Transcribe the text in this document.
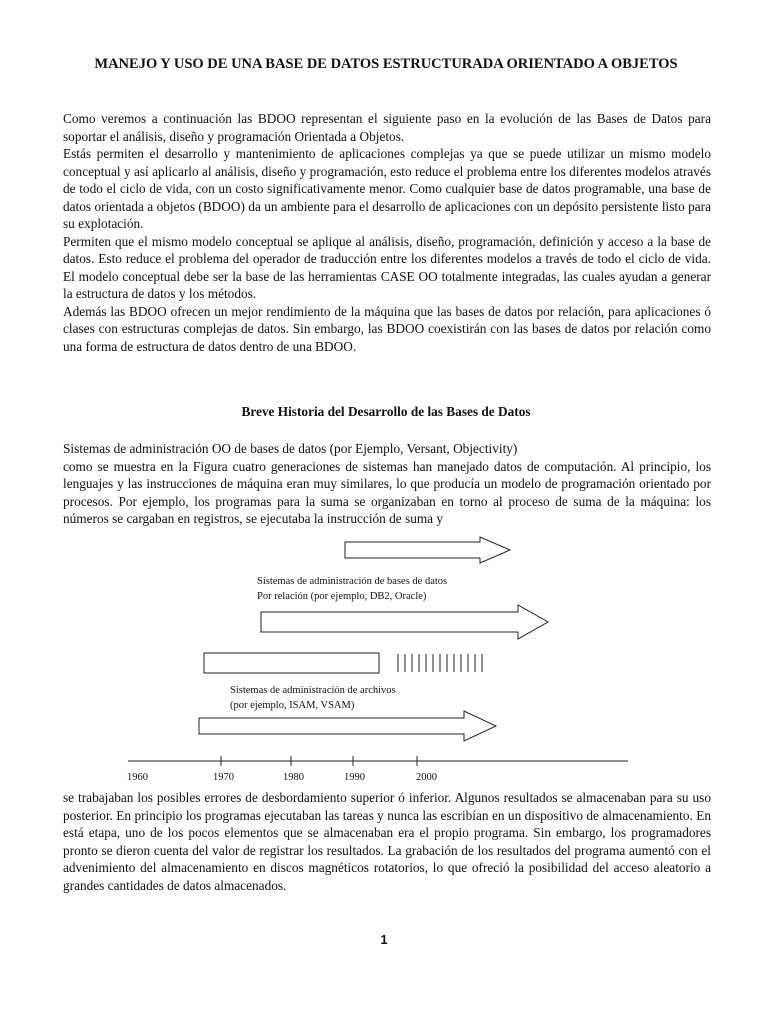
MANEJO Y USO DE UNA BASE DE DATOS ESTRUCTURADA ORIENTADO A OBJETOS

Como veremos a continuación las BDOO representan el siguiente paso en la evolución de las Bases de Datos para soportar el análisis, diseño y programación Orientada a Objetos.

Estás permiten el desarrollo y mantenimiento de aplicaciones complejas ya que se puede utilizar un mismo modelo conceptual y así aplicarlo al análisis, diseño y programación, esto reduce el problema entre los diferentes modelos através de todo el ciclo de vida, con un costo significativamente menor. Como cualquier base de datos programable, una base de datos orientada a objetos (BDOO) da un ambiente para el desarrollo de aplicaciones con un depósito persistente listo para su explotación.

Permiten que el mismo modelo conceptual se aplique al análisis, diseño, programación, definición y acceso a la base de datos. Esto reduce el problema del operador de traducción entre los diferentes modelos a través de todo el ciclo de vida. El modelo conceptual debe ser la base de las herramientas CASE OO totalmente integradas, las cuales ayudan a generar la estructura de datos y los métodos.

Además las BDOO ofrecen un mejor rendimiento de la máquina que las bases de datos por relación, para aplicaciones ó clases con estructuras complejas de datos. Sin embargo, las BDOO coexistirán con las bases de datos por relación como una forma de estructura de datos dentro de una BDOO.

Breve Historia del Desarrollo de las Bases de Datos

Sistemas de administración OO de bases de datos (por Ejemplo, Versant, Objectivity)

como se muestra en la Figura cuatro generaciones de sistemas han manejado datos de computación. Al principio, los lenguajes y las instrucciones de máquina eran muy similares, lo que producía un modelo de programación orientado por procesos. Por ejemplo, los programas para la suma se organizaban en torno al proceso de suma de la máquina: los números se cargaban en registros, se ejecutaba la instrucción de suma y

Sistemas de administración de bases de datos
Por relación (por ejemplo, DB2, Oracle)
Sistemas de administración de archivos
(por ejemplo, ISAM, VSAM)
1960	1970	1980	1990	2000

se trabajaban los posibles errores de desbordamiento superior ó inferior. Algunos resultados se almacenaban para su uso posterior. En principio los programas ejecutaban las tareas y nunca las escribían en un dispositivo de almacenamiento. En está etapa, uno de los pocos elementos que se almacenaban era el propio programa. Sin embargo, los programadores pronto se dieron cuenta del valor de registrar los resultados. La grabación de los resultados del programa aumentó con el advenimiento del almacenamiento en discos magnéticos rotatorios, lo que ofreció la posibilidad del acceso aleatorio a grandes cantidades de datos almacenados.

1
